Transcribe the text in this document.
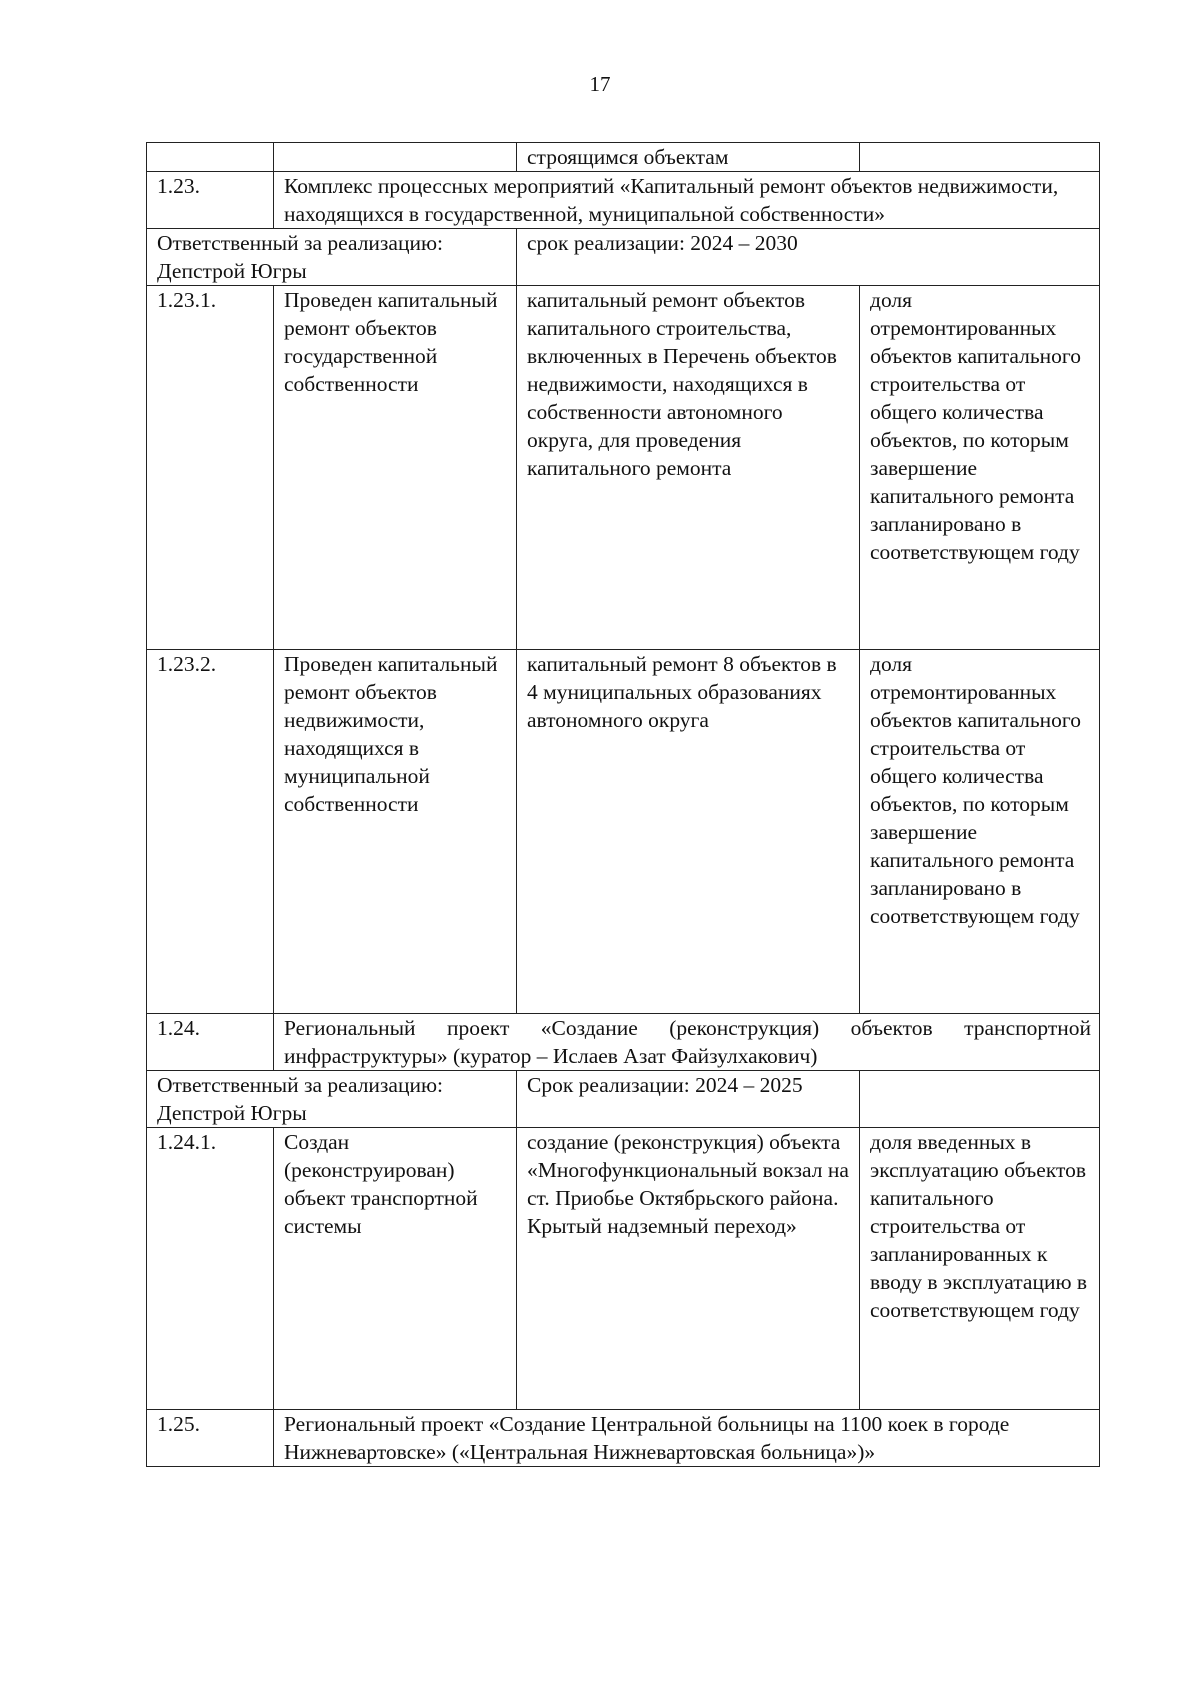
17
		строящимся объектам	
1.23.	Комплекс процессных мероприятий «Капитальный ремонт объектов недвижимости, находящихся в государственной, муниципальной собственности»		
Ответственный за реализацию: Депстрой Югры		срок реализации: 2024 – 2030	
1.23.1.	Проведен капитальный ремонт объектов государственной собственности	капитальный ремонт объектов капитального строительства, включенных в Перечень объектов недвижимости, находящихся в собственности автономного округа, для проведения капитального ремонта	доля отремонтированных объектов капитального строительства от общего количества объектов, по которым завершение капитального ремонта запланировано в соответствующем году
1.23.2.	Проведен капитальный ремонт объектов недвижимости, находящихся в муниципальной собственности	капитальный ремонт 8 объектов в 4 муниципальных образованиях автономного округа	доля отремонтированных объектов капитального строительства от общего количества объектов, по которым завершение капитального ремонта запланировано в соответствующем году
1.24.	Региональный проект «Создание (реконструкция) объектов транспортной
инфраструктуры» (куратор – Ислаев Азат Файзулхакович)		

Ответственный за реализацию: Депстрой Югры		Срок реализации: 2024 – 2025	
1.24.1.	Создан (реконструирован) объект транспортной системы	создание (реконструкция) объекта «Многофункциональный вокзал на ст. Приобье Октябрьского района. Крытый надземный переход»	доля введенных в эксплуатацию объектов капитального строительства от запланированных к вводу в эксплуатацию в соответствующем году
1.25.	Региональный проект «Создание Центральной больницы на 1100 коек в городе Нижневартовске» («Центральная Нижневартовская больница»)»		
